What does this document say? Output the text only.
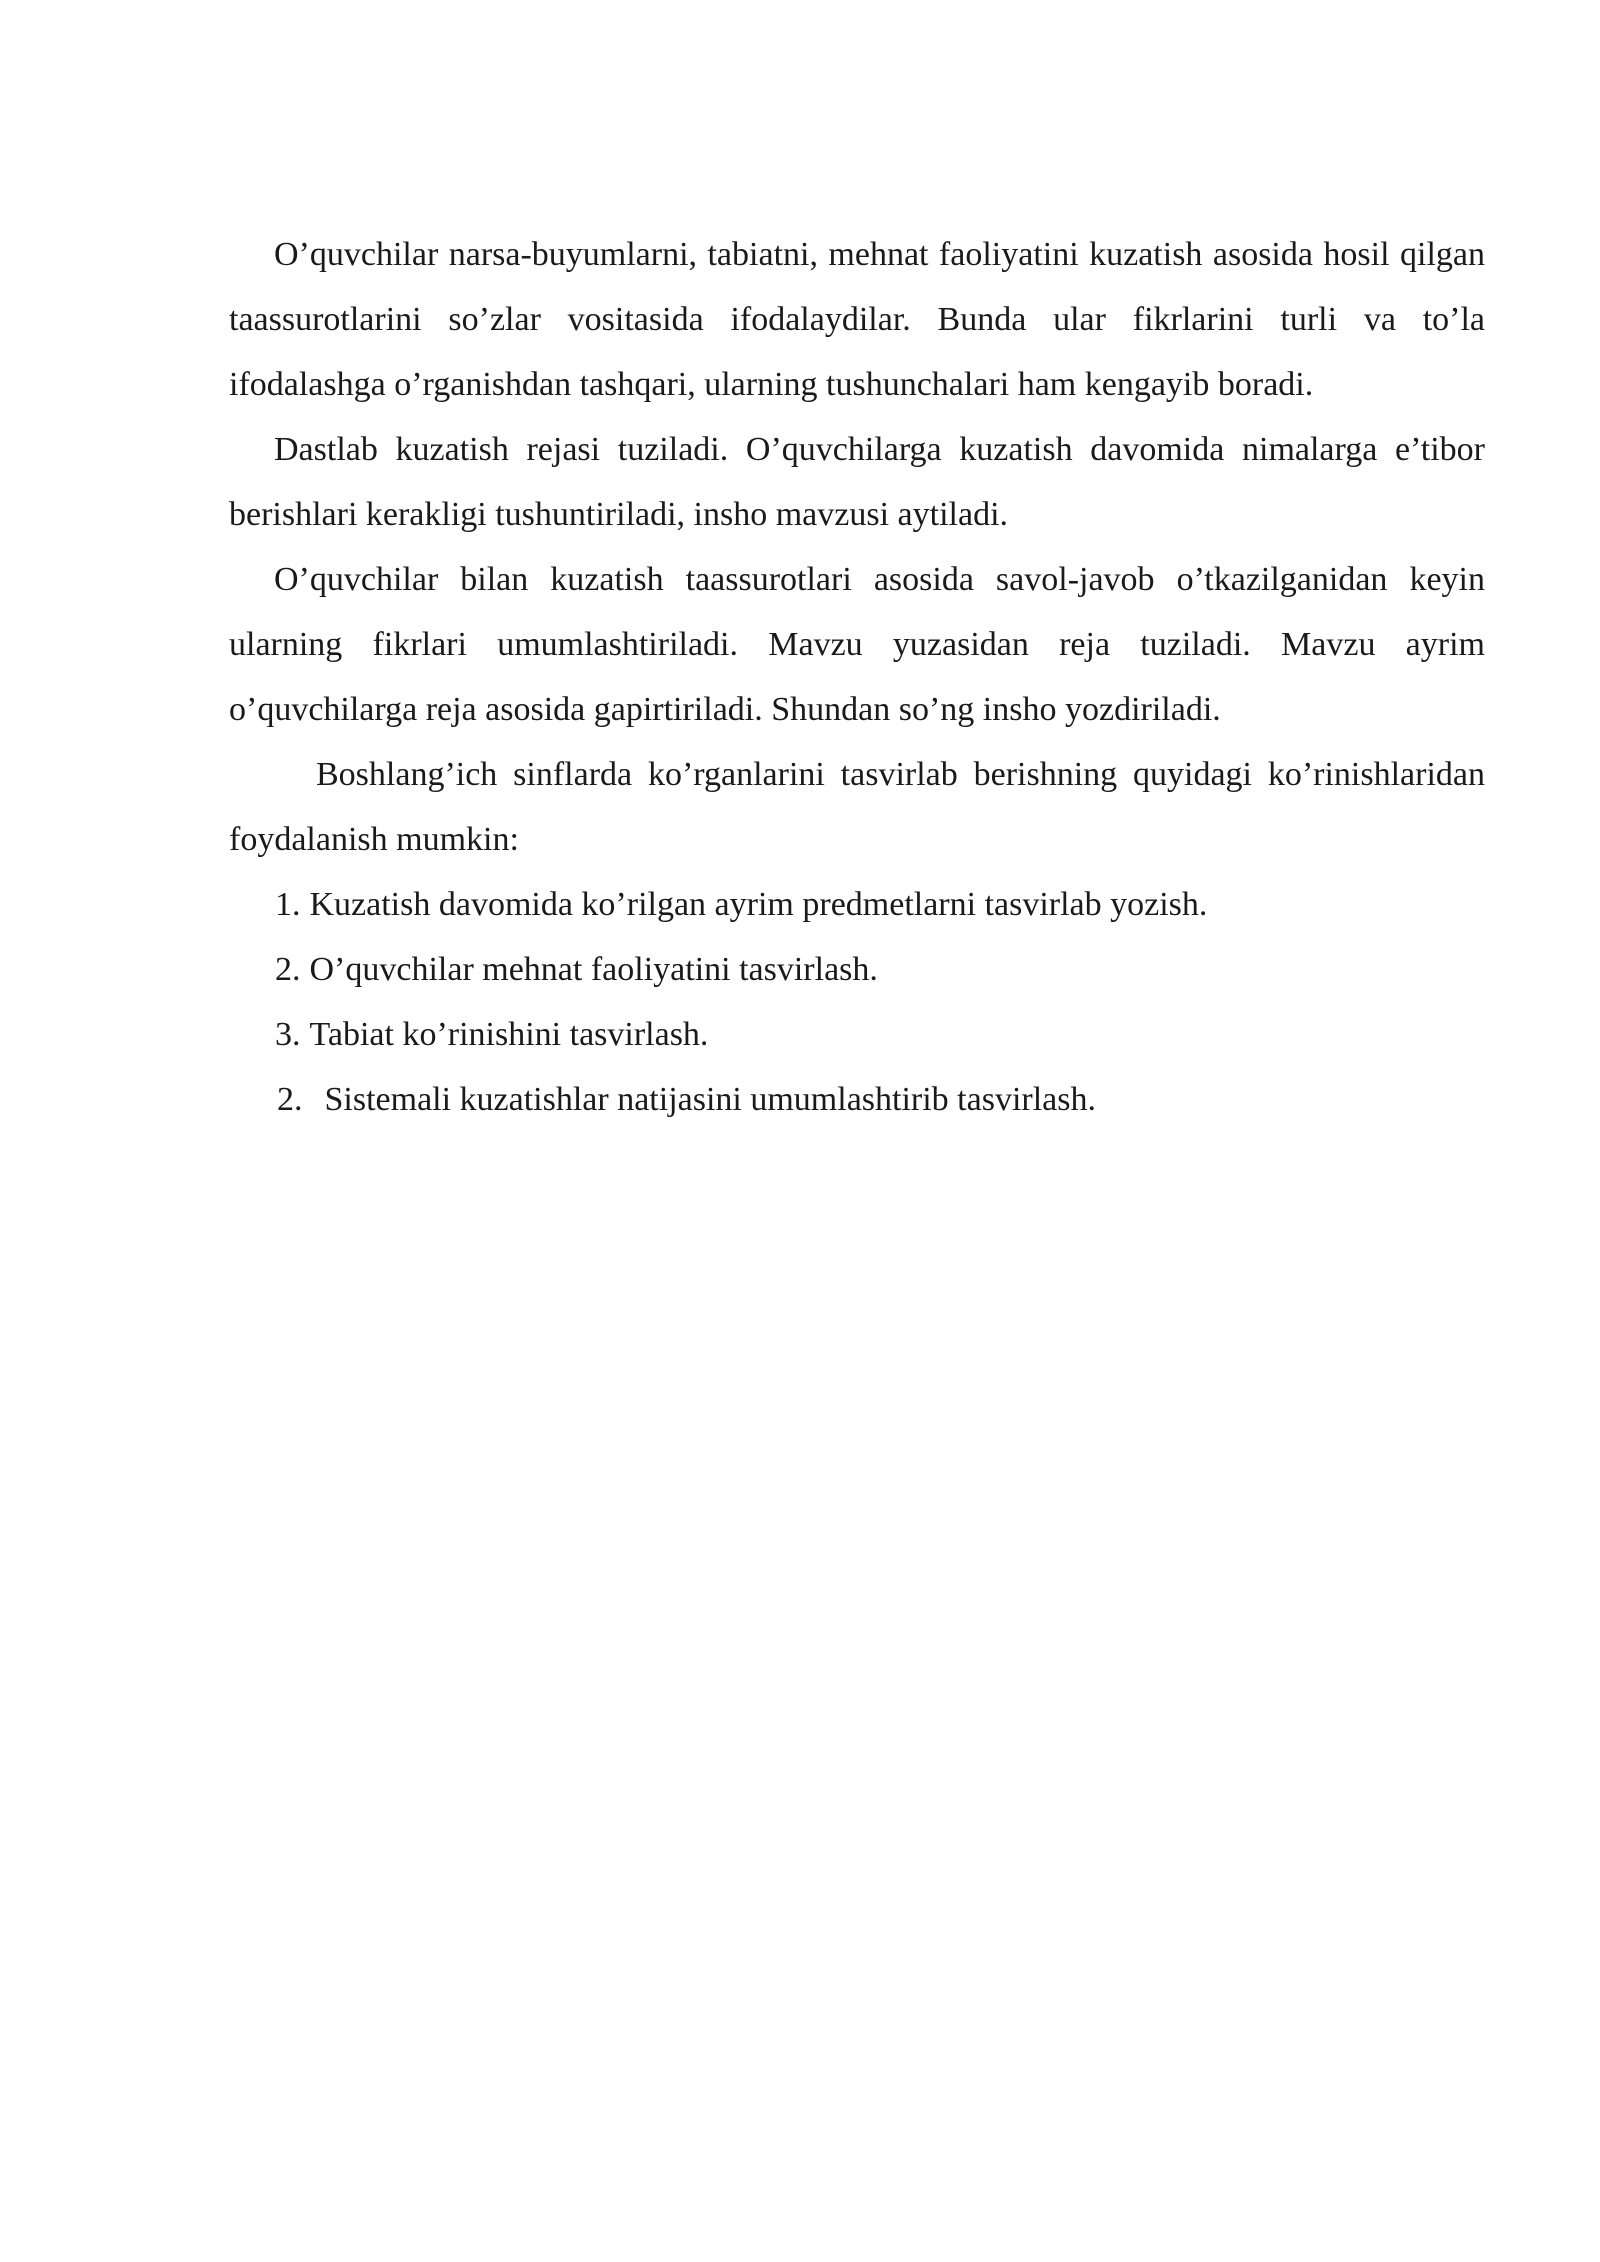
O’quvchilar narsa-buyumlarni, tabiatni, mehnat faoliyatini kuzatish asosida hosil qilgan taassurotlarini so’zlar vositasida ifodalaydilar. Bunda ular fikrlarini turli va to’la ifodalashga o’rganishdan tashqari, ularning tushunchalari ham kengayib boradi.

Dastlab kuzatish rejasi tuziladi. O’quvchilarga kuzatish davomida nimalarga e’tibor berishlari kerakligi tushuntiriladi, insho mavzusi aytiladi.

O’quvchilar bilan kuzatish taassurotlari asosida savol-javob o’tkazilganidan keyin ularning fikrlari umumlashtiriladi. Mavzu yuzasidan reja tuziladi. Mavzu ayrim o’quvchilarga reja asosida gapirtiriladi. Shundan so’ng insho yozdiriladi.

Boshlang’ich sinflarda ko’rganlarini tasvirlab berishning quyidagi ko’rinishlaridan foydalanish mumkin:

1. Kuzatish davomida ko’rilgan ayrim predmetlarni tasvirlab yozish.
2. O’quvchilar mehnat faoliyatini tasvirlash.
3. Tabiat ko’rinishini tasvirlash.
2. Sistemali kuzatishlar natijasini umumlashtirib tasvirlash.
